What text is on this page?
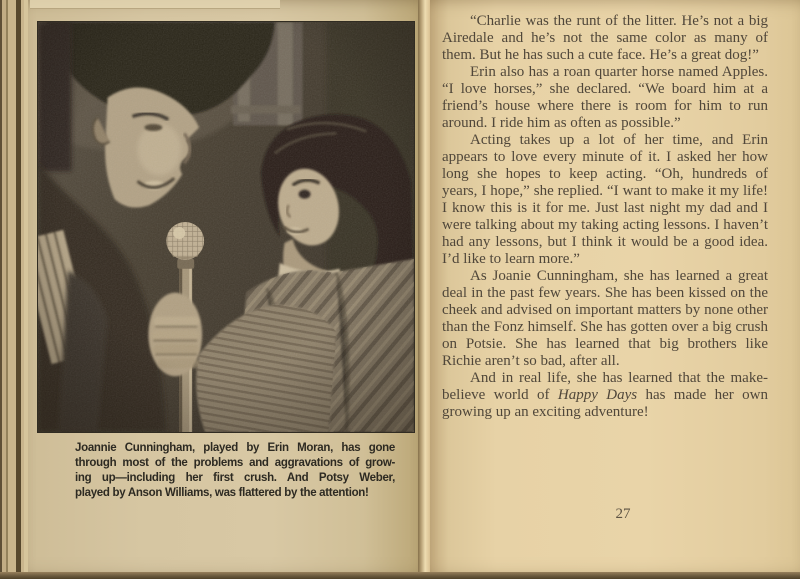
Joannie Cunningham, played by Erin Moran, has gone
through most of the problems and aggravations of grow-
ing up—including her first crush. And Potsy Weber,
played by Anson Williams, was flattered by the attention!

“Charlie was the runt of the litter. He’s not a big Airedale and he’s not the same color as many of them. But he has such a cute face. He’s a great dog!”

Erin also has a roan quarter horse named Apples. “I love horses,” she declared. “We board him at a friend’s house where there is room for him to run around. I ride him as often as possible.”

Acting takes up a lot of her time, and Erin appears to love every minute of it. I asked her how long she hopes to keep acting. “Oh, hundreds of years, I hope,” she replied. “I want to make it my life! I know this is it for me. Just last night my dad and I were talking about my taking acting lessons. I haven’t had any lessons, but I think it would be a good idea. I’d like to learn more.”

As Joanie Cunningham, she has learned a great deal in the past few years. She has been kissed on the cheek and advised on important matters by none other than the Fonz himself. She has gotten over a big crush on Potsie. She has learned that big brothers like Richie aren’t so bad, after all.

And in real life, she has learned that the make-believe world of Happy Days has made her own growing up an exciting adventure!

27
